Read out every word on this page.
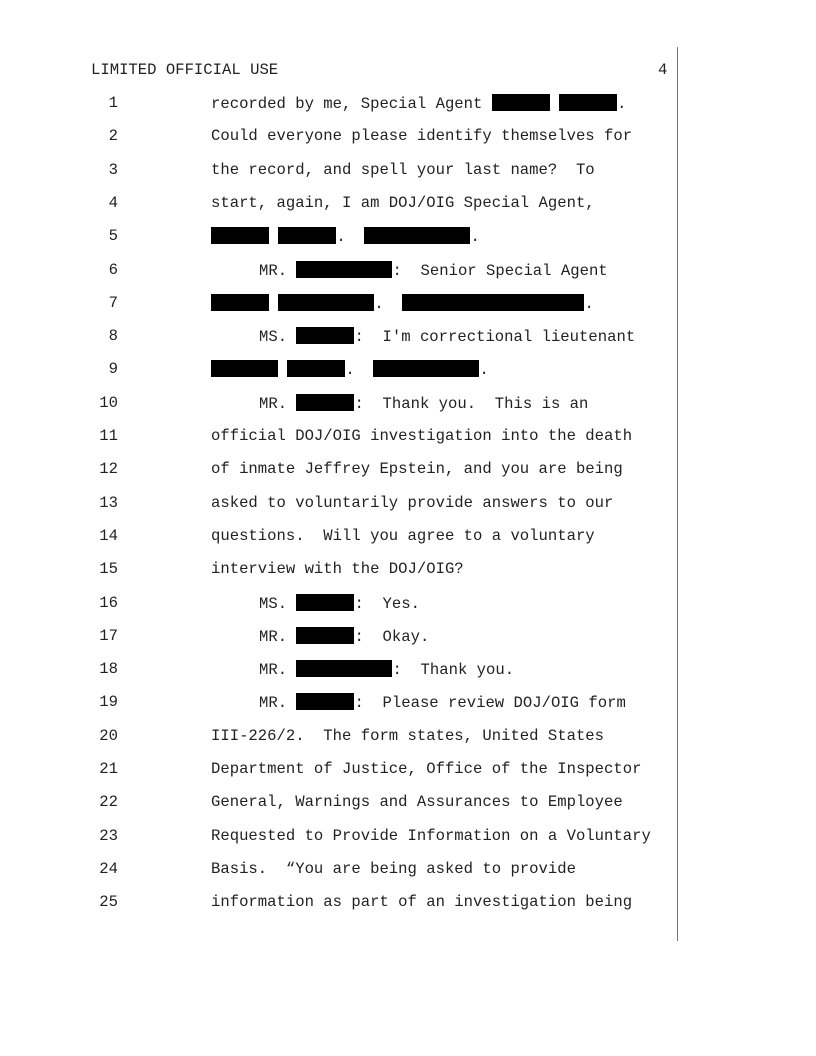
LIMITED OFFICIAL USE	4
1	recorded by me, Special Agent	.
2	Could everyone please identify themselves for
3	the record, and spell your last name?  To
4	start, again, I am DOJ/OIG Special Agent,
5	.	.
6	MR.	:  Senior Special Agent
7	.	.
8	MS.	:  I'm correctional lieutenant
9	.	.
10	MR.	:  Thank you.  This is an
11	official DOJ/OIG investigation into the death
12	of inmate Jeffrey Epstein, and you are being
13	asked to voluntarily provide answers to our
14	questions.  Will you agree to a voluntary
15	interview with the DOJ/OIG?
16	MS.	:  Yes.
17	MR.	:  Okay.
18	MR.	:  Thank you.
19	MR.	:  Please review DOJ/OIG form
20	III-226/2.  The form states, United States
21	Department of Justice, Office of the Inspector
22	General, Warnings and Assurances to Employee
23	Requested to Provide Information on a Voluntary
24	Basis.  “You are being asked to provide
25	information as part of an investigation being
